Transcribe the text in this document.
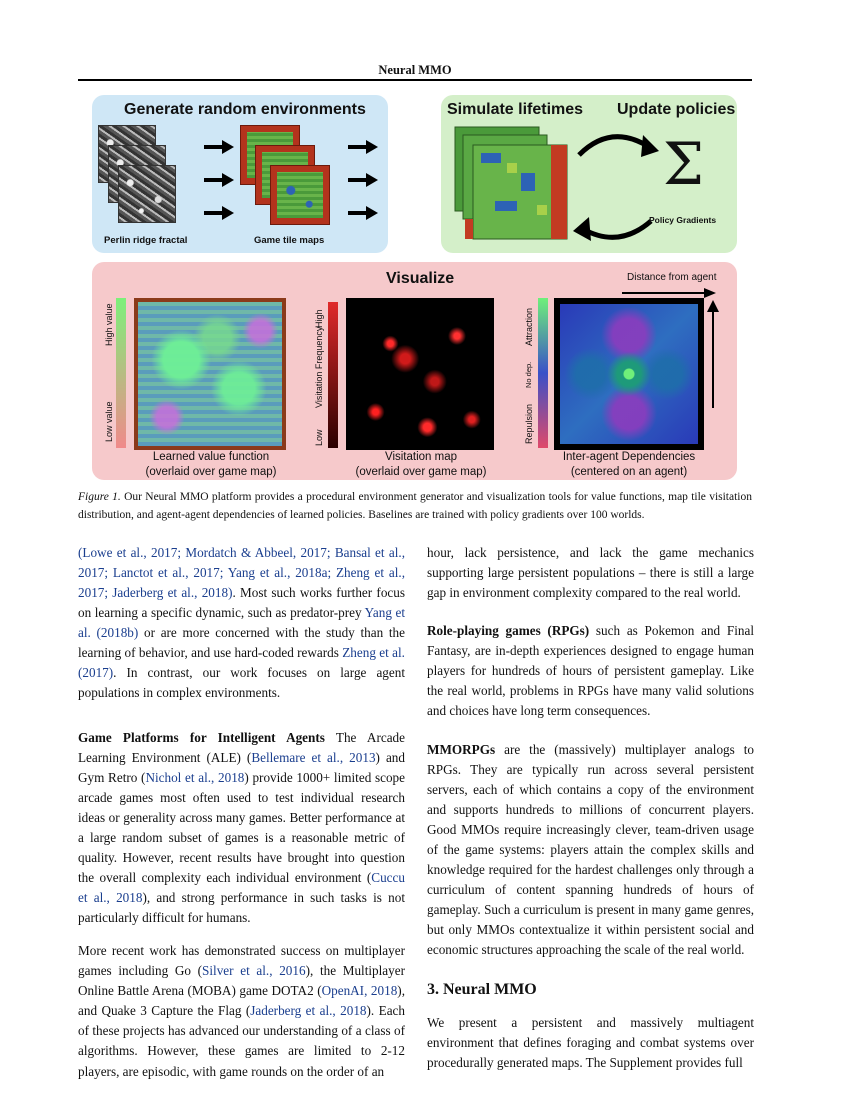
Neural MMO
Generate random environments
Perlin ridge fractal	Game tile maps
Simulate lifetimes Update policies
Σ
Policy Gradients
Visualize	Distance from agent
High value
Low value
Learned value function
(overlaid over game map)
High
Visitation Frequency
Low
Visitation map
(overlaid over game map)
Attraction
No dep.
Repulsion
Inter-agent Dependencies
(centered on an agent)
Figure 1. Our Neural MMO platform provides a procedural environment generator and visualization tools for value functions, map tile visitation distribution, and agent-agent dependencies of learned policies. Baselines are trained with policy gradients over 100 worlds.

(Lowe et al., 2017; Mordatch & Abbeel, 2017; Bansal et al., 2017; Lanctot et al., 2017; Yang et al., 2018a; Zheng et al., 2017; Jaderberg et al., 2018). Most such works further focus on learning a specific dynamic, such as predator-prey Yang et al. (2018b) or are more concerned with the study than the learning of behavior, and use hard-coded rewards Zheng et al. (2017). In contrast, our work focuses on large agent populations in complex environments.

Game Platforms for Intelligent Agents The Arcade Learning Environment (ALE) (Bellemare et al., 2013) and Gym Retro (Nichol et al., 2018) provide 1000+ limited scope arcade games most often used to test individual research ideas or generality across many games. Better performance at a large random subset of games is a reasonable metric of quality. However, recent results have brought into question the overall complexity each individual environment (Cuccu et al., 2018), and strong performance in such tasks is not particularly difficult for humans.

More recent work has demonstrated success on multiplayer games including Go (Silver et al., 2016), the Multiplayer Online Battle Arena (MOBA) game DOTA2 (OpenAI, 2018), and Quake 3 Capture the Flag (Jaderberg et al., 2018). Each of these projects has advanced our understanding of a class of algorithms. However, these games are limited to 2-12 players, are episodic, with game rounds on the order of an

hour, lack persistence, and lack the game mechanics supporting large persistent populations – there is still a large gap in environment complexity compared to the real world.

Role-playing games (RPGs) such as Pokemon and Final Fantasy, are in-depth experiences designed to engage human players for hundreds of hours of persistent gameplay. Like the real world, problems in RPGs have many valid solutions and choices have long term consequences.

MMORPGs are the (massively) multiplayer analogs to RPGs. They are typically run across several persistent servers, each of which contains a copy of the environment and supports hundreds to millions of concurrent players. Good MMOs require increasingly clever, team-driven usage of the game systems: players attain the complex skills and knowledge required for the hardest challenges only through a curriculum of content spanning hundreds of hours of gameplay. Such a curriculum is present in many game genres, but only MMOs contextualize it within persistent social and economic structures approaching the scale of the real world.

3. Neural MMO

We present a persistent and massively multiagent environment that defines foraging and combat systems over procedurally generated maps. The Supplement provides full
